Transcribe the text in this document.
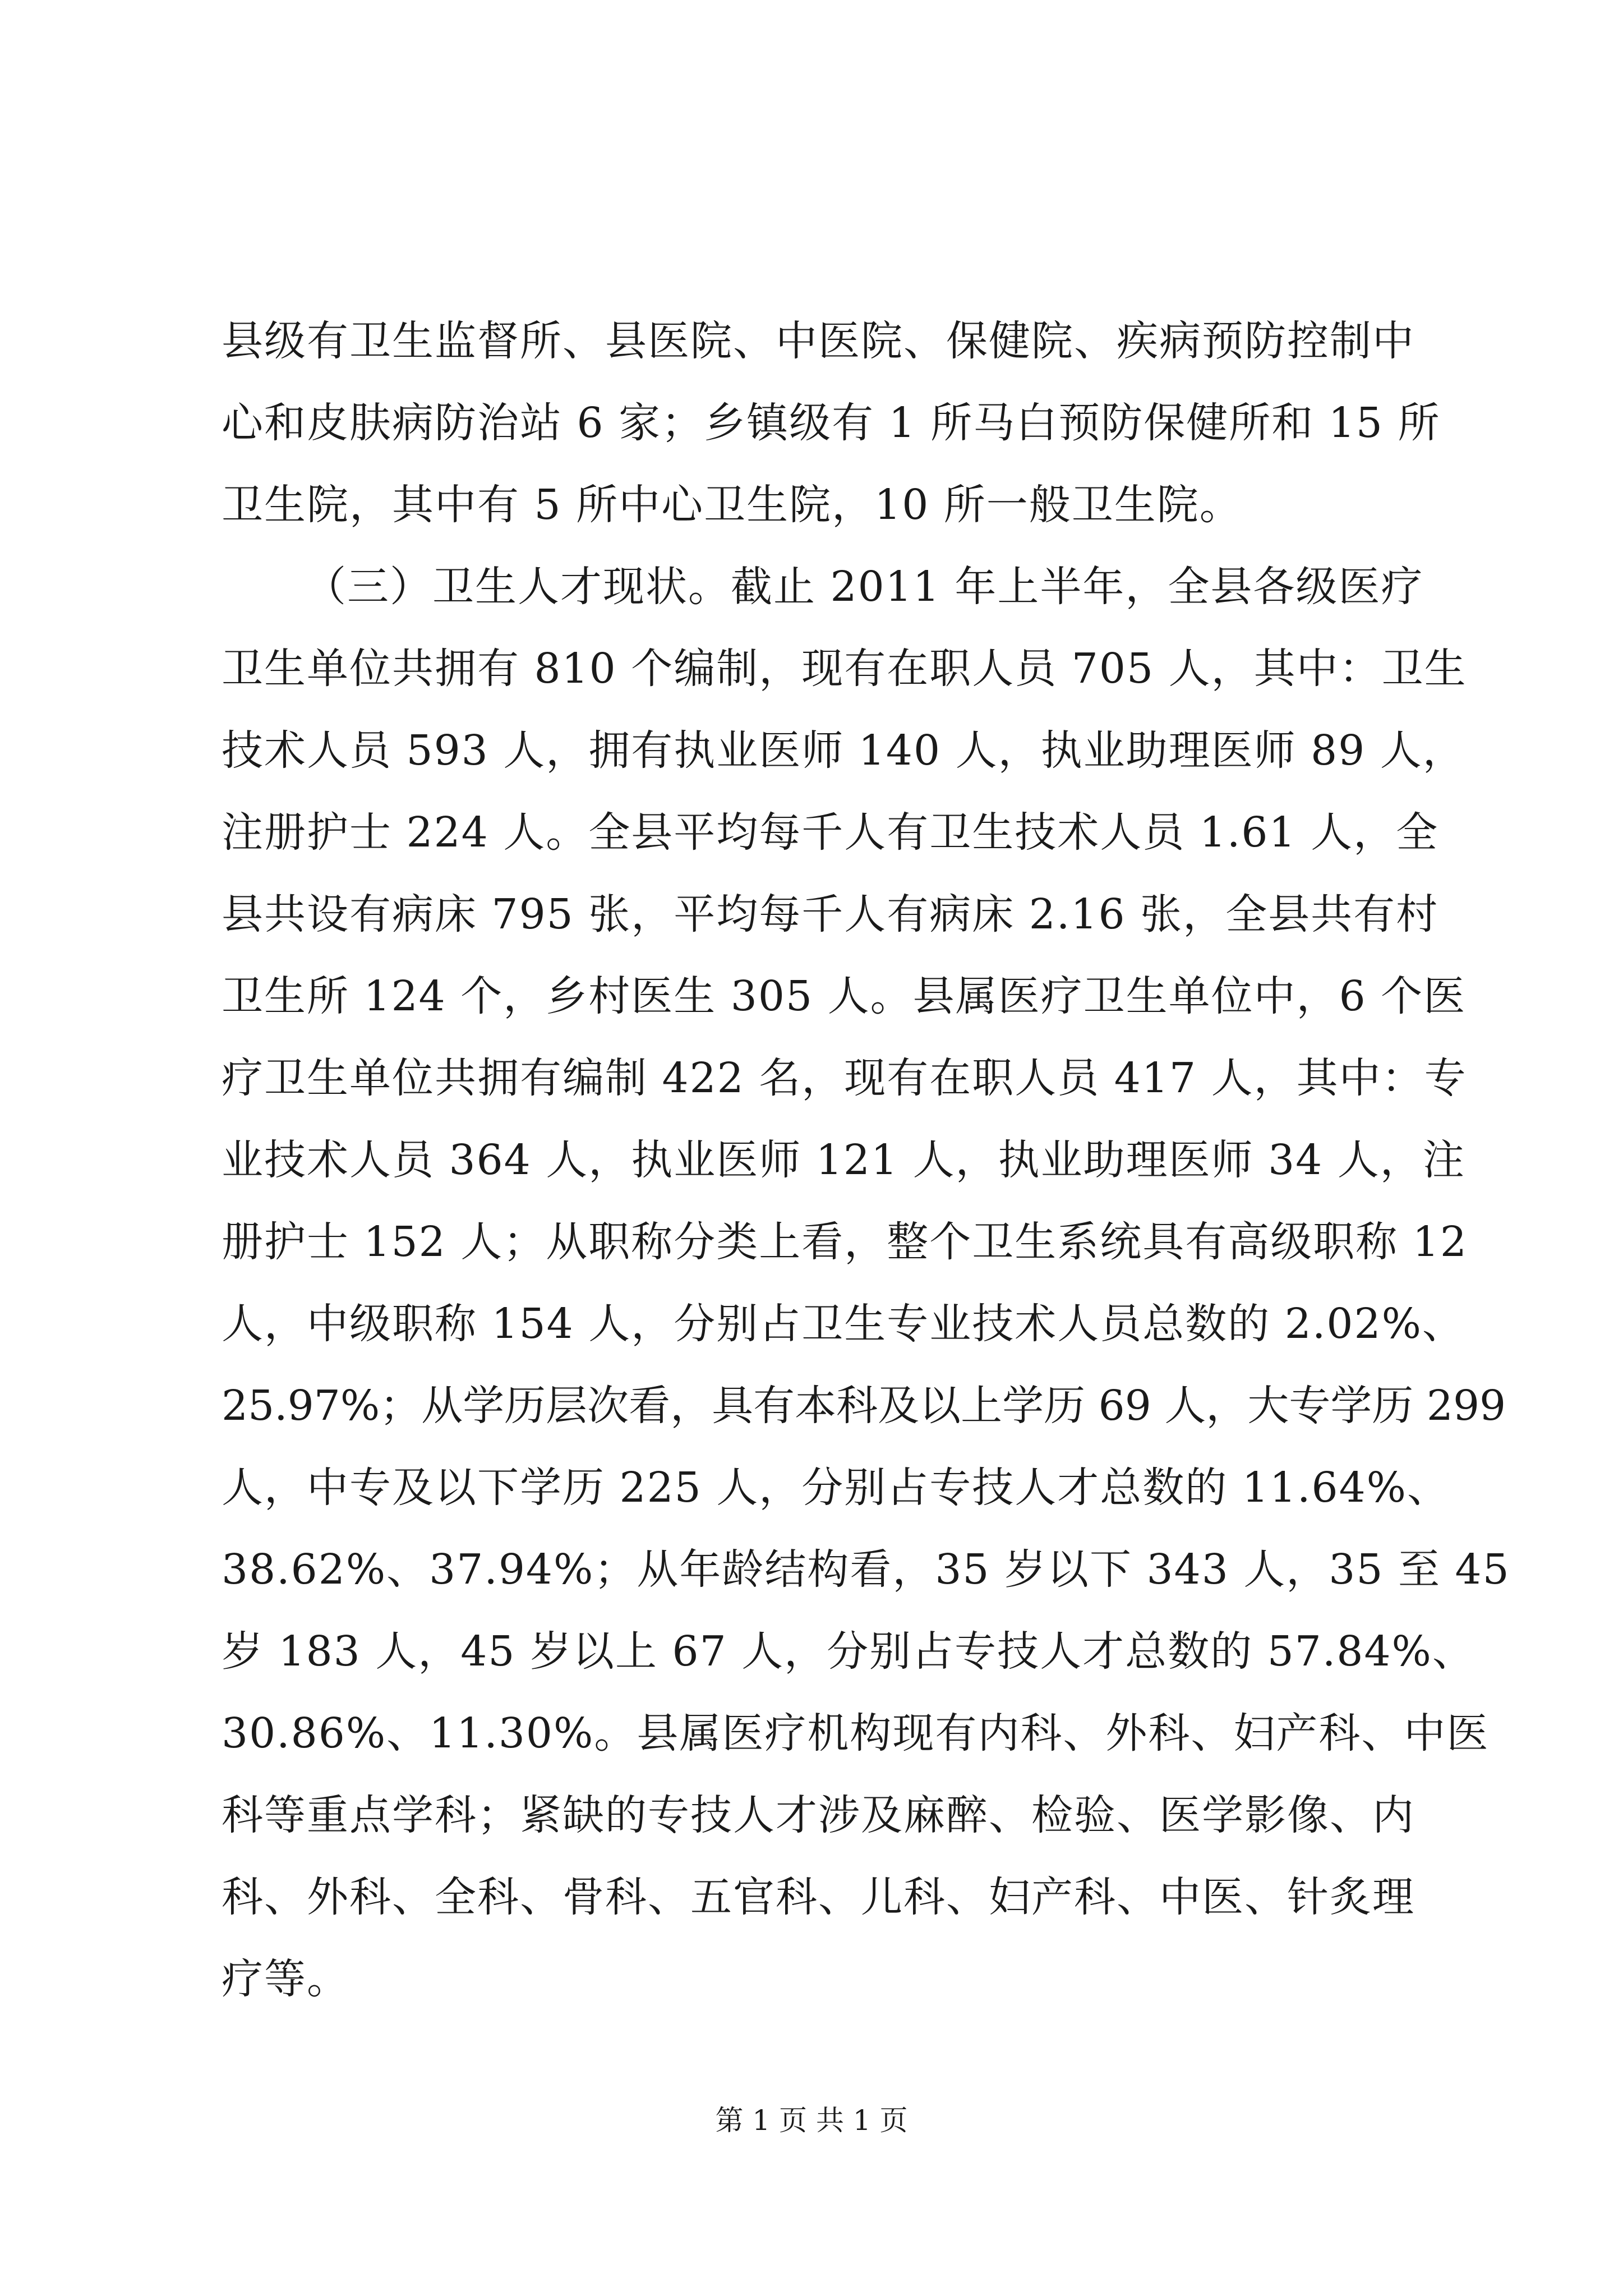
县级有卫生监督所、县医院、中医院、保健院、疾病预防控制中
心和皮肤病防治站 6 家；乡镇级有 1 所马白预防保健所和 15 所
卫生院，其中有 5 所中心卫生院，10 所一般卫生院。
（三）卫生人才现状。截止 2011 年上半年，全县各级医疗
卫生单位共拥有 810 个编制，现有在职人员 705 人，其中：卫生
技术人员 593 人，拥有执业医师 140 人，执业助理医师 89 人，
注册护士 224 人。全县平均每千人有卫生技术人员 1.61 人，全
县共设有病床 795 张，平均每千人有病床 2.16 张，全县共有村
卫生所 124 个，乡村医生 305 人。县属医疗卫生单位中，6 个医
疗卫生单位共拥有编制 422 名，现有在职人员 417 人，其中：专
业技术人员 364 人，执业医师 121 人，执业助理医师 34 人，注
册护士 152 人；从职称分类上看，整个卫生系统具有高级职称 12
人，中级职称 154 人，分别占卫生专业技术人员总数的 2.02%、
25.97%；从学历层次看，具有本科及以上学历 69 人，大专学历 299
人，中专及以下学历 225 人，分别占专技人才总数的 11.64%、
38.62%、37.94%；从年龄结构看，35 岁以下 343 人，35 至 45
岁 183 人，45 岁以上 67 人，分别占专技人才总数的 57.84%、
30.86%、11.30%。县属医疗机构现有内科、外科、妇产科、中医
科等重点学科；紧缺的专技人才涉及麻醉、检验、医学影像、内
科、外科、全科、骨科、五官科、儿科、妇产科、中医、针炙理
疗等。
第 1 页 共 1 页
